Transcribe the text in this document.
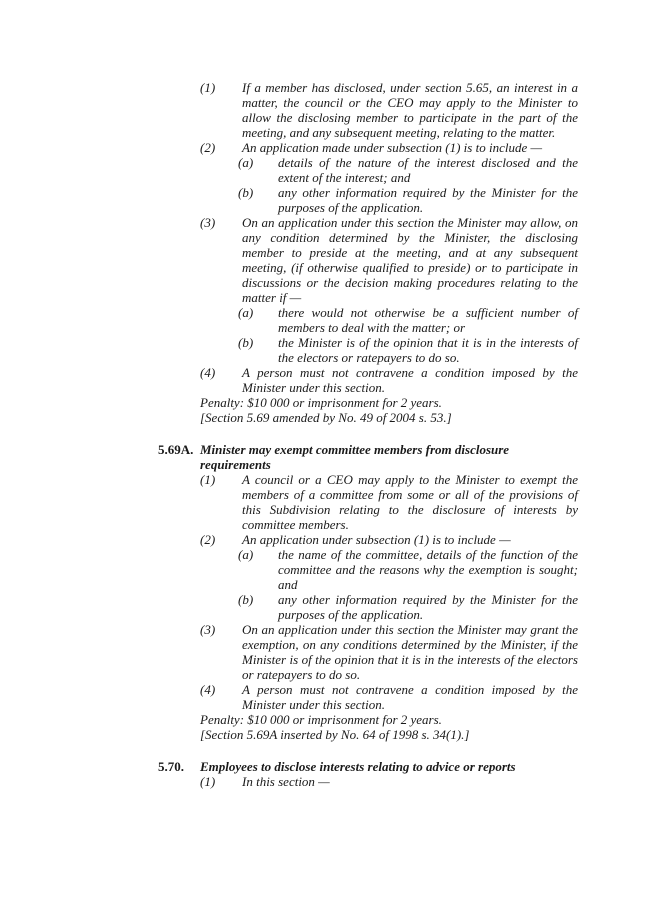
(1)	If a member has disclosed, under section 5.65, an interest in a matter, the council or the CEO may apply to the Minister to allow the disclosing member to participate in the part of the meeting, and any subsequent meeting, relating to the matter.
(2)	An application made under subsection (1) is to include —
(a)	details of the nature of the interest disclosed and the extent of the interest; and
(b)	any other information required by the Minister for the purposes of the application.
(3)	On an application under this section the Minister may allow, on any condition determined by the Minister, the disclosing member to preside at the meeting, and at any subsequent meeting, (if otherwise qualified to preside) or to participate in discussions or the decision making procedures relating to the matter if —
(a)	there would not otherwise be a sufficient number of members to deal with the matter; or
(b)	the Minister is of the opinion that it is in the interests of the electors or ratepayers to do so.
(4)	A person must not contravene a condition imposed by the Minister under this section.
Penalty: $10 000 or imprisonment for 2 years.
[Section 5.69 amended by No. 49 of 2004 s. 53.]
5.69A. Minister may exempt committee members from disclosure requirements
(1)	A council or a CEO may apply to the Minister to exempt the members of a committee from some or all of the provisions of this Subdivision relating to the disclosure of interests by committee members.
(2)	An application under subsection (1) is to include —
(a)	the name of the committee, details of the function of the committee and the reasons why the exemption is sought; and
(b)	any other information required by the Minister for the purposes of the application.
(3)	On an application under this section the Minister may grant the exemption, on any conditions determined by the Minister, if the Minister is of the opinion that it is in the interests of the electors or ratepayers to do so.
(4)	A person must not contravene a condition imposed by the Minister under this section.
Penalty: $10 000 or imprisonment for 2 years.
[Section 5.69A inserted by No. 64 of 1998 s. 34(1).]
5.70.	Employees to disclose interests relating to advice or reports
(1)	In this section —
